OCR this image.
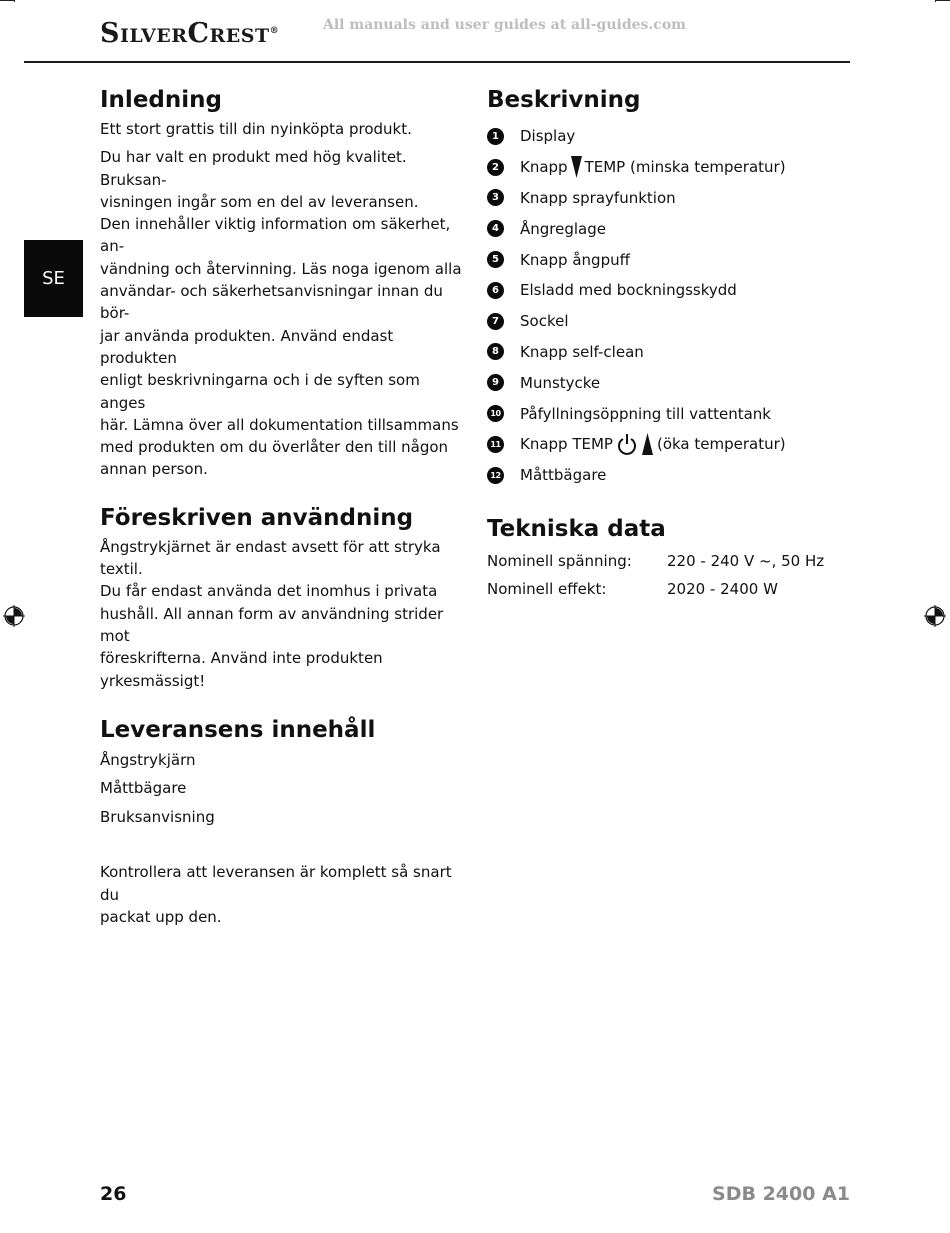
SilverCrest®	All manuals and user guides at all-guides.com
SE
Inledning

Ett stort grattis till din nyinköpta produkt.

Du har valt en produkt med hög kvalitet. Bruksan-

visningen ingår som en del av leveransen.

Den innehåller viktig information om säkerhet, an-

vändning och återvinning. Läs noga igenom alla

användar- och säkerhetsanvisningar innan du bör-

jar använda produkten. Använd endast produkten

enligt beskrivningarna och i de syften som anges

här. Lämna över all dokumentation tillsammans

med produkten om du överlåter den till någon

annan person.

Föreskriven användning

Ångstrykjärnet är endast avsett för att stryka textil.

Du får endast använda det inomhus i privata

hushåll. All annan form av användning strider mot

föreskrifterna. Använd inte produkten yrkesmässigt!

Leveransens innehåll
Ångstrykjärn
Måttbägare
Bruksanvisning

Kontrollera att leveransen är komplett så snart du

packat upp den.

Beskrivning
1	Display
2	Knapp TEMP (minska temperatur)
3	Knapp sprayfunktion
4	Ångreglage
5	Knapp ångpuff
6	Elsladd med bockningsskydd
7	Sockel
8	Knapp self-clean
9	Munstycke
10 Påfyllningsöppning till vattentank
11 Knapp TEMP	(öka temperatur)
12 Måttbägare
Tekniska data
Nominell spänning:	220 - 240 V ~, 50 Hz
Nominell effekt:	2020 - 2400 W
26	SDB 2400 A1
